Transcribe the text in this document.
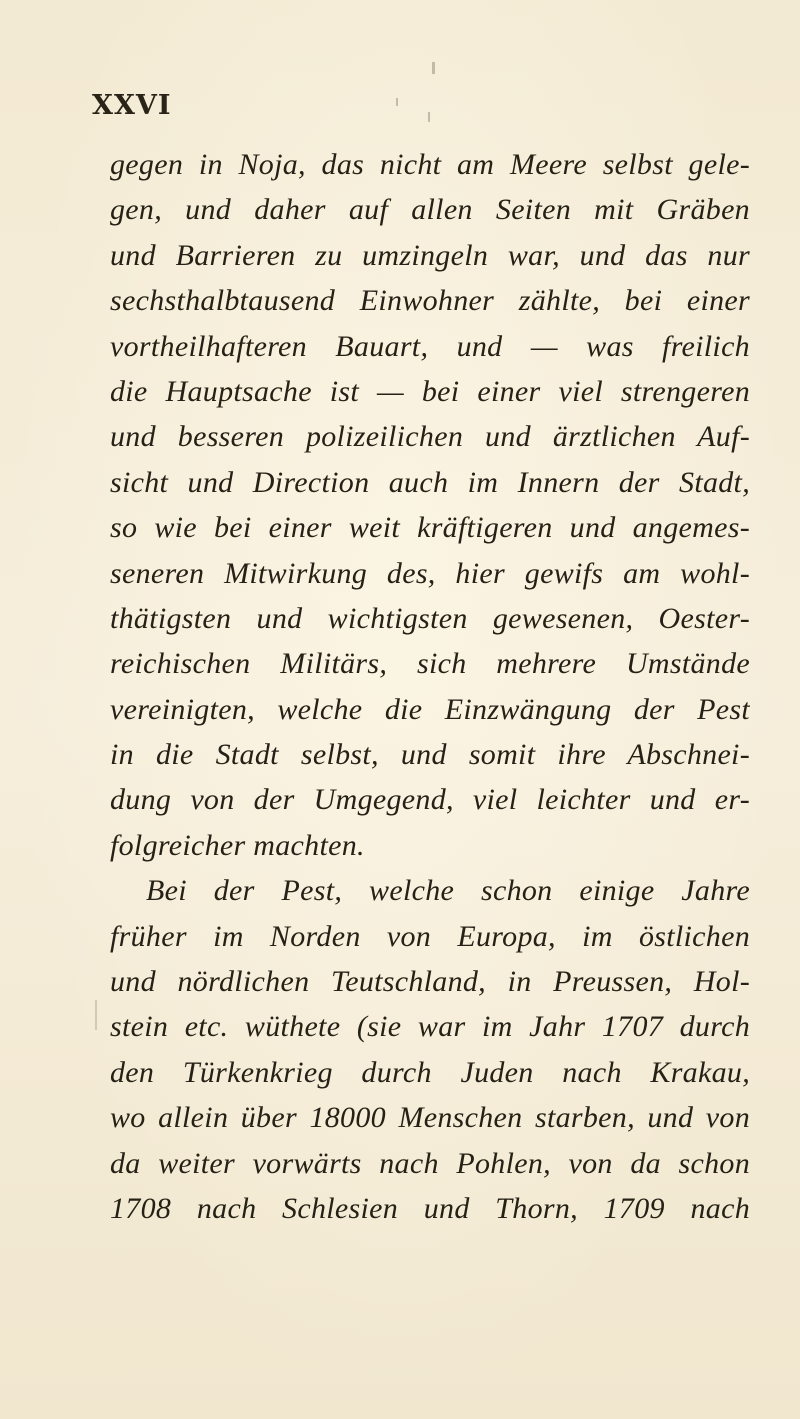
XXVI

gegen in Noja, das nicht am Meere selbst gele-

gen, und daher auf allen Seiten mit Gräben

und Barrieren zu umzingeln war, und das nur

sechsthalbtausend Einwohner zählte, bei einer

vortheilhafteren Bauart, und — was freilich

die Hauptsache ist — bei einer viel strengeren

und besseren polizeilichen und ärztlichen Auf-

sicht und Direction auch im Innern der Stadt,

so wie bei einer weit kräftigeren und angemes-

seneren Mitwirkung des, hier gewifs am wohl-

thätigsten und wichtigsten gewesenen, Oester-

reichischen Militärs, sich mehrere Umstände

vereinigten, welche die Einzwängung der Pest

in die Stadt selbst, und somit ihre Abschnei-

dung von der Umgegend, viel leichter und er-

folgreicher machten.

Bei der Pest, welche schon einige Jahre

früher im Norden von Europa, im östlichen

und nördlichen Teutschland, in Preussen, Hol-

stein etc. wüthete (sie war im Jahr 1707 durch

den Türkenkrieg durch Juden nach Krakau,

wo allein über 18000 Menschen starben, und von

da weiter vorwärts nach Pohlen, von da schon

1708 nach Schlesien und Thorn, 1709 nach
